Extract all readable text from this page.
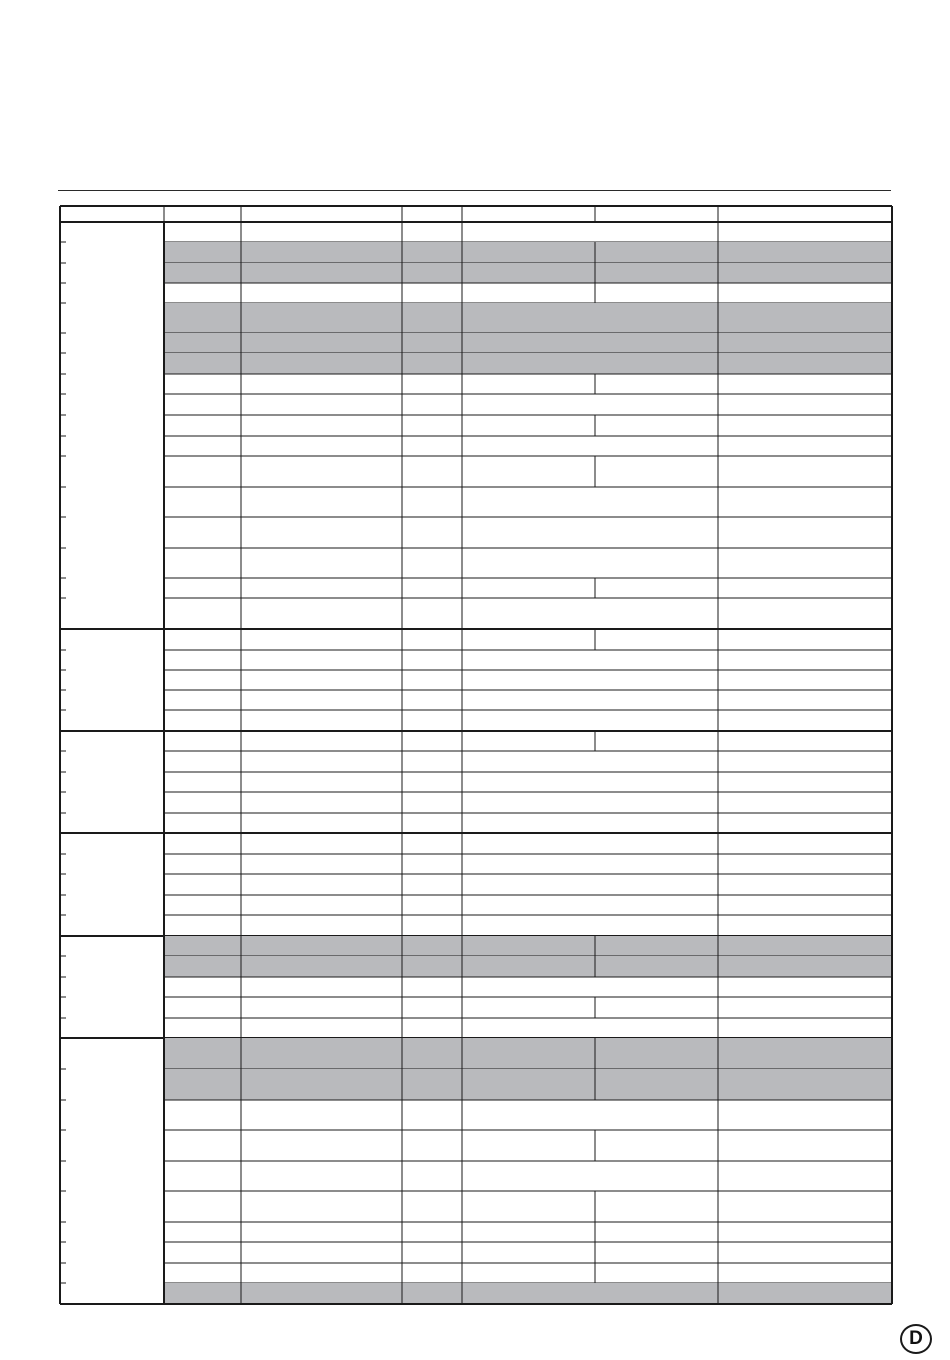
D
